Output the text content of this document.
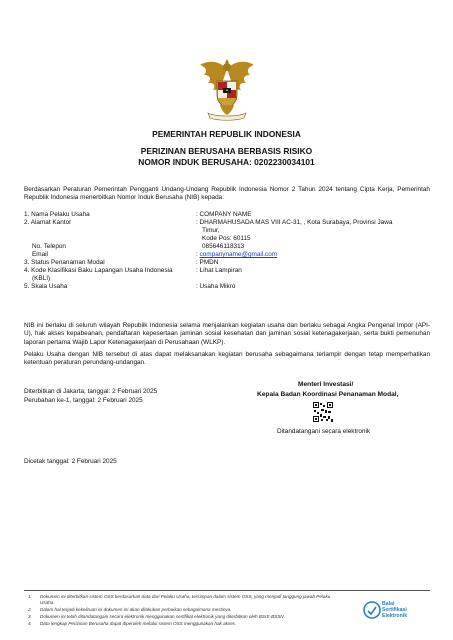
PEMERINTAH REPUBLIK INDONESIA
PERIZINAN BERUSAHA BERBASIS RISIKO
NOMOR INDUK BERUSAHA: 0202230034101
Berdasarkan Peraturan Pemerintah Pengganti Undang-Undang Republik Indonesia Nomor 2 Tahun 2024 tentang Cipta Kerja, Pemerintah Republik Indonesia menerbitkan Nomor Induk Berusaha (NIB) kepada:
1. Nama Pelaku Usaha	: COMPANY NAME
2. Alamat Kantor	: DHARMAHUSADA MAS VIII AC-31, , Kota Surabaya, Provinsi Jawa
Timur,
Kode Pos: 60115
No. Telepon	085646118313
Email	: companyname@gmail.com
3. Status Penanaman Modal	: PMDN
4. Kode Klasifikasi Baku Lapangan Usaha Indonesia
(KBLI)
: Lihat Lampiran
5. Skala Usaha	: Usaha Mikro
NIB ini berlaku di seluruh wilayah Republik Indonesia selama menjalankan kegiatan usaha dan berlaku sebagai Angka Pengenal Impor (API-U), hak akses kepabeanan, pendaftaran kepesertaan jaminan sosial kesehatan dan jaminan sosial ketenagakerjaan, serta bukti pemenuhan laporan pertama Wajib Lapor Ketenagakerjaan di Perusahaan (WLKP).
Pelaku Usaha dengan NIB tersebut di atas dapat melaksanakan kegiatan berusaha sebagaimana terlampir dengan tetap memperhatikan ketentuan peraturan perundang-undangan.
Diterbitkan di Jakarta, tanggal: 2 Februari 2025
Perubahan ke-1, tanggal: 2 Februari 2025
Menteri Investasi/
Kepala Badan Koordinasi Penanaman Modal,
Ditandatangani secara elektronik
Dicetak tanggal: 2 Februari 2025
1. Dokumen ini diterbitkan sistem OSS berdasarkan data dari Pelaku Usaha, tersimpan dalam sistem OSS, yang menjadi tanggung jawab Pelaku Usaha.
2. Dalam hal terjadi kekeliruan isi dokumen ini akan dilakukan perbaikan sebagaimana mestinya.
3. Dokumen ini telah ditandatangani secara elektronik menggunakan sertifikat elektronik yang diterbitkan oleh BSrE-BSSN.
4. Data lengkap Perizinan Berusaha dapat diperoleh melalui sistem OSS menggunakan hak akses.
Balai
Sertifikasi
Elektronik
